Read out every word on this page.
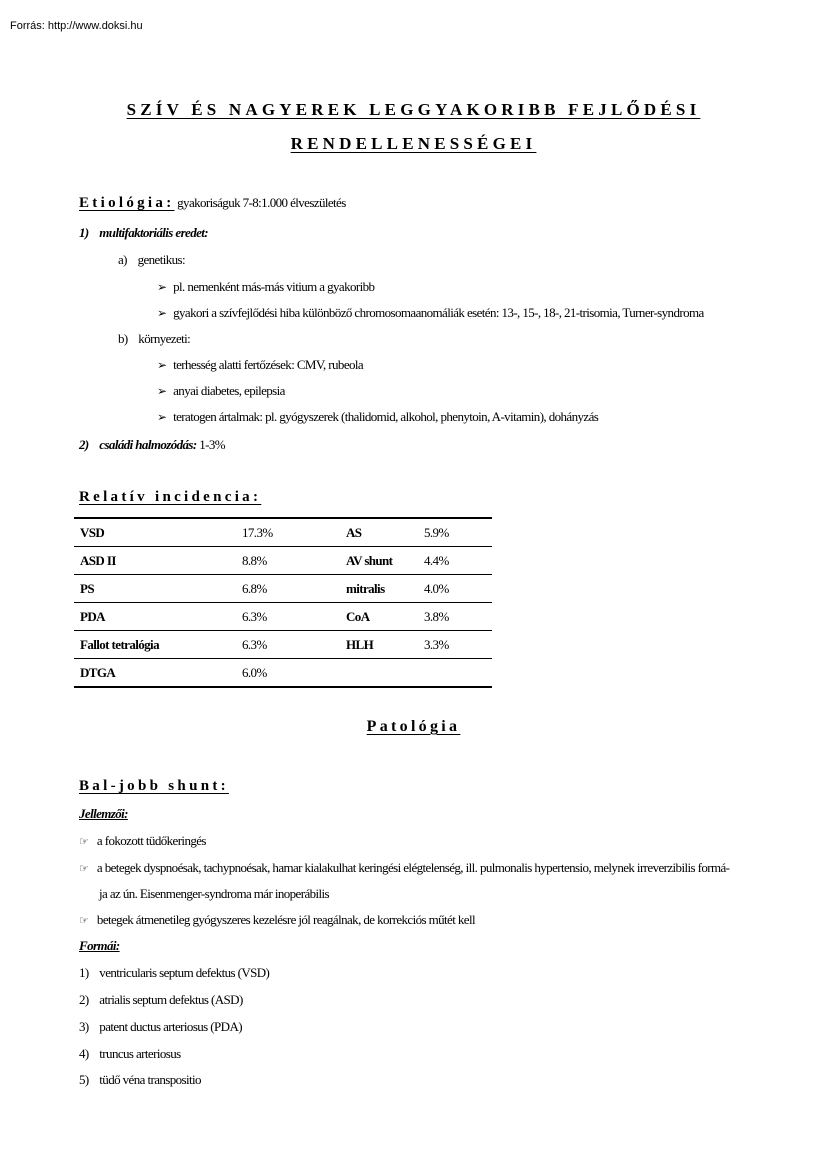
Forrás: http://www.doksi.hu
SZÍV ÉS NAGYEREK LEGGYAKORIBB FEJLŐDÉSI
RENDELLENESSÉGEI
Etiológia: gyakoriságuk 7-8:1.000 élveszületés
1) multifaktoriális eredet:
a) genetikus:
➢ pl. nemenként más-más vitium a gyakoribb
➢ gyakori a szívfejlődési hiba különböző chromosomaanomáliák esetén: 13-, 15-, 18-, 21-trisomia, Turner-syndroma
b) környezeti:
➢ terhesség alatti fertőzések: CMV, rubeola
➢ anyai diabetes, epilepsia
➢ teratogen ártalmak: pl. gyógyszerek (thalidomid, alkohol, phenytoin, A-vitamin), dohányzás
2) családi halmozódás: 1-3%
Relatív incidencia:
VSD	17.3%	AS	5.9%
ASD II	8.8%	AV shunt	4.4%
PS	6.8%	mitralis	4.0%
PDA	6.3%	CoA	3.8%
Fallot tetralógia	6.3%	HLH	3.3%
DTGA	6.0%		
Patológia
Bal-jobb shunt:
Jellemzői:
☞ a fokozott tüdőkeringés
☞ a betegek dyspnoésak, tachypnoésak, hamar kialakulhat keringési elégtelenség, ill. pulmonalis hypertensio, melynek irreverzibilis formá-
ja az ún. Eisenmenger-syndroma már inoperábilis
☞ betegek átmenetileg gyógyszeres kezelésre jól reagálnak, de korrekciós műtét kell
Formái:
1) ventricularis septum defektus (VSD)
2) atrialis septum defektus (ASD)
3) patent ductus arteriosus (PDA)
4) truncus arteriosus
5) tüdő véna transpositio
